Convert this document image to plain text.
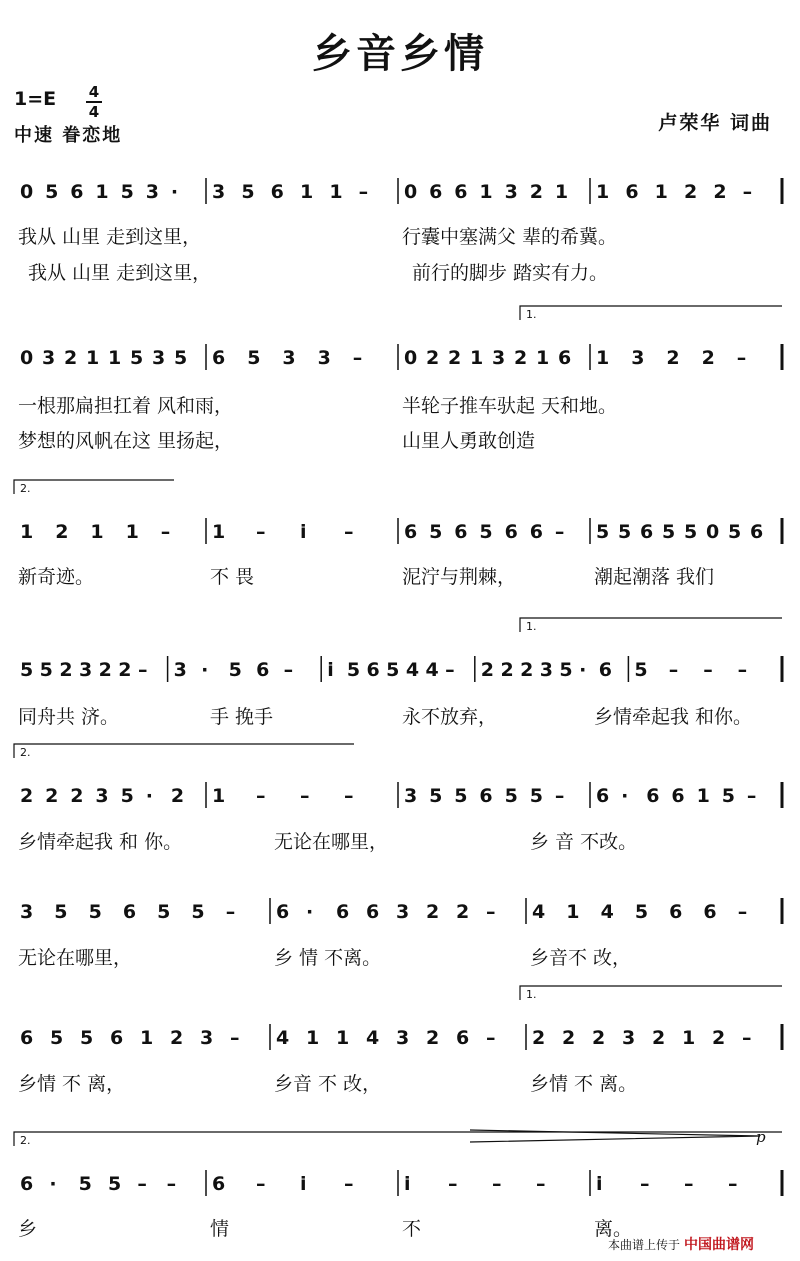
乡音乡情
1=E 4
4
中速 眷恋地
卢荣华 词曲
0 5 6 1 5 3 · 3 5 6 1 1 – 0 6 6 1 3 2 1 1 6 1 2 2 –
我从 山里 走到这里，	行囊中塞满父 辈的希冀。
我从 山里 走到这里，	前行的脚步 踏实有力。
0 3 2 1 1 5 3 5 6 5 3 3 – 0 2 2 1 3 2 1 6 1 3 2 2 –
1.
一根那扁担扛着 风和雨，	半轮子推车驮起 天和地。
梦想的风帆在这 里扬起，	山里人勇敢创造
1 2 1 1 – 1 – i –	6 5 6 5 6 6 – 5 5 6 5 5 0 5 6
2.
新奇迹。	不 畏	泥泞与荆棘，	潮起潮落 我们
5 5 2 3 2 2 – 3 · 5 6 – i 5 6 5 4 4 – 2 2 2 3 5 · 6 5 – – –
1.
同舟共 济。	手 挽手	永不放弃，	乡情牵起我 和你。
2 2 2 3 5 · 2 1 – – –	3 5 5 6 5 5 – 6 · 6 6 1 5 –
2.
乡情牵起我 和 你。	无论在哪里，	乡 音 不改。
3 5 5 6 5 5 – 6 · 6 6 3 2 2 – 4 1 4 5 6 6 –
无论在哪里，	乡 情 不离。	乡音不 改，
6 5 5 6 1 2 3 – 4 1 1 4 3 2 6 – 2 2 2 3 2 1 2 –
1.
乡情 不 离，	乡音 不 改，	乡情 不 离。
6 · 5 5 – – 6 – i –	i – – –	i – – –
2.	p
乡	情	不	离。
本曲谱上传于 中国曲谱网
